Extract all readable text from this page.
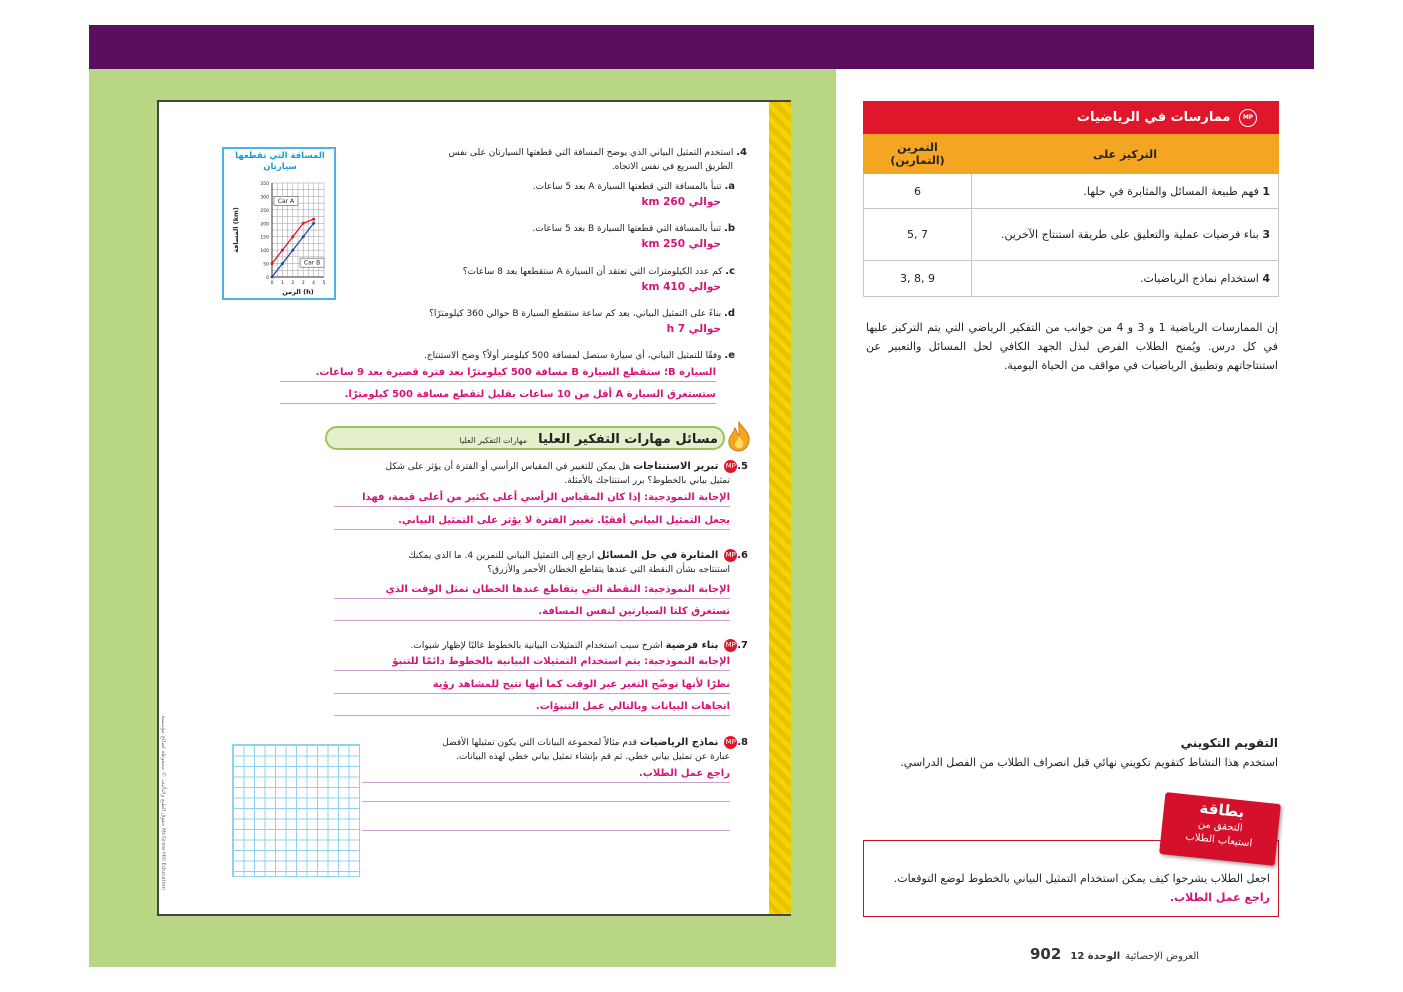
المسافة التي تقطعها سيارتان
0
50
100
150
200
250
300
350
0 1 2 3 4 5
الزمن (h)
المسافة (km)
Car A
Car B
4. استخدم التمثيل البياني الذي يوضح المسافة التي قطعتها السيارتان على نفس
الطريق السريع في نفس الاتجاه.
a. تنبأ بالمسافة التي قطعتها السيارة A بعد 5 ساعات.
حوالي 260 km
b. تنبأ بالمسافة التي قطعتها السيارة B بعد 5 ساعات.
حوالي 250 km
c. كم عدد الكيلومترات التي تعتقد أن السيارة A ستقطعها بعد 8 ساعات؟
حوالي 410 km
d. بناءً على التمثيل البياني، بعد كم ساعة ستقطع السيارة B حوالي 360 كيلومترًا؟
حوالي 7 h
e. وفقًا للتمثيل البياني، أي سيارة ستصل لمسافة 500 كيلومتر أولاً؟ وضح الاستنتاج.
السيارة B؛ ستقطع السيارة B مسافة 500 كيلومترًا بعد فترة قصيرة بعد 9 ساعات.
ستستغرق السيارة A أقل من 10 ساعات بقليل لتقطع مسافة 500 كيلومترًا.
مسائل مهارات التفكير العليا مهارات التفكير العليا
5.MP تبرير الاستنتاجات هل يمكن للتغيير في المقياس الرأسي أو الفترة أن يؤثر على شكل
تمثيل بياني بالخطوط؟ برر استنتاجك بالأمثلة.
الإجابة النموذجية: إذا كان المقياس الرأسي أعلى بكثير من أعلى قيمة، فهذا
يجعل التمثيل البياني أفقيًا. تغيير الفترة لا يؤثر على التمثيل البياني.
6.MP المثابرة في حل المسائل ارجع إلى التمثيل البياني للتمرين 4. ما الذي يمكنك
استنتاجه بشأن النقطة التي عندها يتقاطع الخطان الأحمر والأزرق؟
الإجابة النموذجية: النقطة التي يتقاطع عندها الخطان تمثل الوقت الذي
تستغرق كلتا السيارتين لنفس المسافة.
7.MP بناء فرضية اشرح سبب استخدام التمثيلات البيانية بالخطوط غالبًا لإظهار شيوات.
الإجابة النموذجية: يتم استخدام التمثيلات البيانية بالخطوط دائمًا للتنبؤ
نظرًا لأنها توضّح التغير عبر الوقت كما أنها تتيح للمشاهد رؤية
اتجاهات البيانات وبالتالي عمل التنبؤات.
8.MP نماذج الرياضيات قدم مثالاً لمجموعة البيانات التي يكون تمثيلها الأفضل
عبارة عن تمثيل بياني خطي. ثم قم بإنشاء تمثيل بياني خطي لهذه البيانات.
راجع عمل الطلاب.
McGraw-Hill Education حقوق الطبع والتأليف © محفوظة لصالح مؤسسة
MP ممارسات في الرياضيات
التركيز على	التمرين (التمارين)
1 فهم طبيعة المسائل والمثابرة في حلها.	6
3 بناء فرضيات عملية والتعليق على طريقة استنتاج الآخرين.	5, 7
4 استخدام نماذج الرياضيات.	3, 8, 9
إن الممارسات الرياضية 1 و 3 و 4 من جوانب من التفكير الرياضي التي يتم التركيز عليها في كل درس. ويُمنح الطلاب الفرص لبذل الجهد الكافي لحل المسائل والتعبير عن استنتاجاتهم وتطبيق الرياضيات في مواقف من الحياة اليومية.
التقويم التكويني
استخدم هذا النشاط كتقويم تكويني نهائي قبل انصراف الطلاب من الفصل الدراسي.
بطاقة
التحقق من
استيعاب الطلاب
اجعل الطلاب يشرحوا كيف يمكن استخدام التمثيل البياني بالخطوط لوضع التوقعات. راجع عمل الطلاب.
العروض الإحصائية الوحدة 12 902
